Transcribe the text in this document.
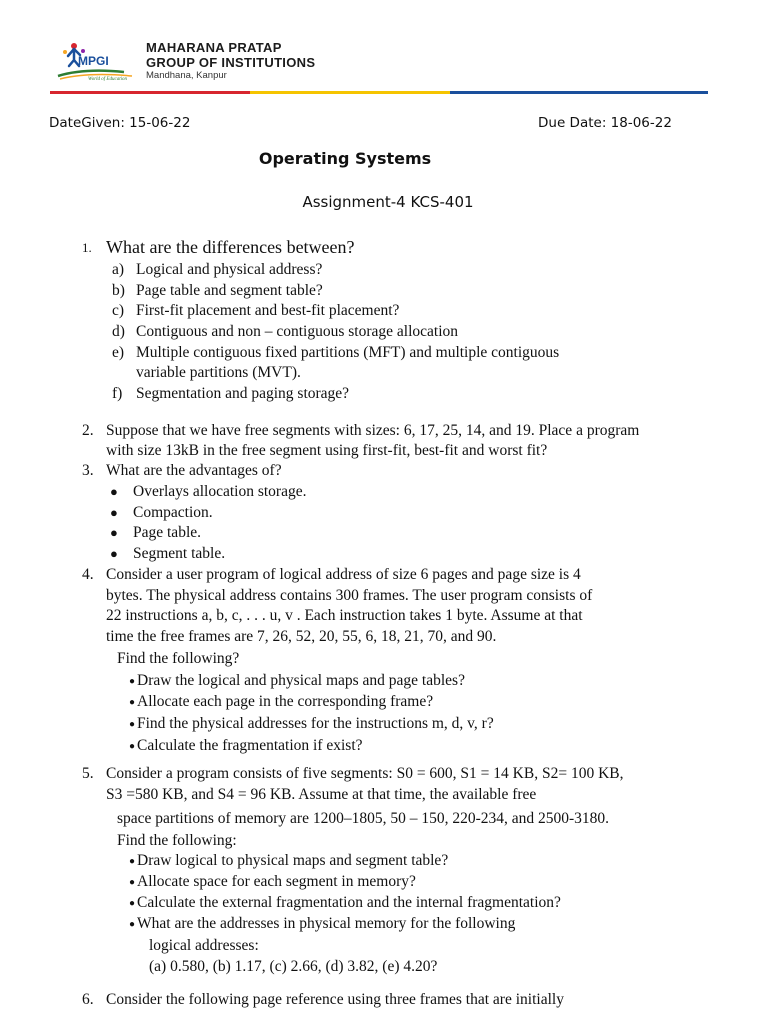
MPGI
World of Education
MAHARANA PRATAP
GROUP OF INSTITUTIONS
Mandhana, Kanpur
DateGiven: 15-06-22	Due Date: 18-06-22
Operating Systems
Assignment-4 KCS-401
1. What are the differences between?
a) Logical and physical address?
b) Page table and segment table?
c) First-fit placement and best-fit placement?
d) Contiguous and non – contiguous storage allocation
e) Multiple contiguous fixed partitions (MFT) and multiple contiguous
variable partitions (MVT).
f) Segmentation and paging storage?
2. Suppose that we have free segments with sizes: 6, 17, 25, 14, and 19. Place a program
with size 13kB in the free segment using first-fit, best-fit and worst fit?
3. What are the advantages of?
● Overlays allocation storage.
● Compaction.
● Page table.
● Segment table.
4. Consider a user program of logical address of size 6 pages and page size is 4
bytes. The physical address contains 300 frames. The user program consists of
22 instructions a, b, c, . . . u, v . Each instruction takes 1 byte. Assume at that
time the free frames are 7, 26, 52, 20, 55, 6, 18, 21, 70, and 90.
Find the following?
● Draw the logical and physical maps and page tables?
● Allocate each page in the corresponding frame?
● Find the physical addresses for the instructions m, d, v, r?
● Calculate the fragmentation if exist?
5. Consider a program consists of five segments: S0 = 600, S1 = 14 KB, S2= 100 KB,
S3 =580 KB, and S4 = 96 KB. Assume at that time, the available free
space partitions of memory are 1200–1805, 50 – 150, 220-234, and 2500-3180.
Find the following:
● Draw logical to physical maps and segment table?
● Allocate space for each segment in memory?
● Calculate the external fragmentation and the internal fragmentation?
● What are the addresses in physical memory for the following
logical addresses:
(a) 0.580, (b) 1.17, (c) 2.66, (d) 3.82, (e) 4.20?
6. Consider the following page reference using three frames that are initially
